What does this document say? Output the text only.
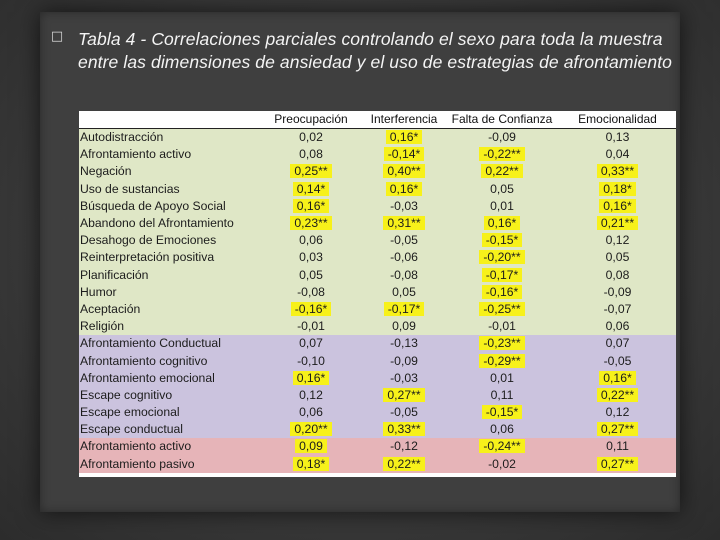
□ Tabla 4 - Correlaciones parciales controlando el sexo para toda la muestra entre las dimensiones de ansiedad y el uso de estrategias de afrontamiento
	Preocupación	Interferencia	Falta de Confianza	Emocionalidad
Autodistracción	0,02	0,16*	-0,09	0,13
Afrontamiento activo	0,08	-0,14*	-0,22**	0,04
Negación	0,25**	0,40**	0,22**	0,33**
Uso de sustancias	0,14*	0,16*	0,05	0,18*
Búsqueda de Apoyo Social	0,16*	-0,03	0,01	0,16*
Abandono del Afrontamiento	0,23**	0,31**	0,16*	0,21**
Desahogo de Emociones	0,06	-0,05	-0,15*	0,12
Reinterpretación positiva	0,03	-0,06	-0,20**	0,05
Planificación	0,05	-0,08	-0,17*	0,08
Humor	-0,08	0,05	-0,16*	-0,09
Aceptación	-0,16*	-0,17*	-0,25**	-0,07
Religión	-0,01	0,09	-0,01	0,06
Afrontamiento Conductual	0,07	-0,13	-0,23**	0,07
Afrontamiento cognitivo	-0,10	-0,09	-0,29**	-0,05
Afrontamiento emocional	0,16*	-0,03	0,01	0,16*
Escape cognitivo	0,12	0,27**	0,11	0,22**
Escape emocional	0,06	-0,05	-0,15*	0,12
Escape conductual	0,20**	0,33**	0,06	0,27**
Afrontamiento activo	0,09	-0,12	-0,24**	0,11
Afrontamiento pasivo	0,18*	0,22**	-0,02	0,27**
